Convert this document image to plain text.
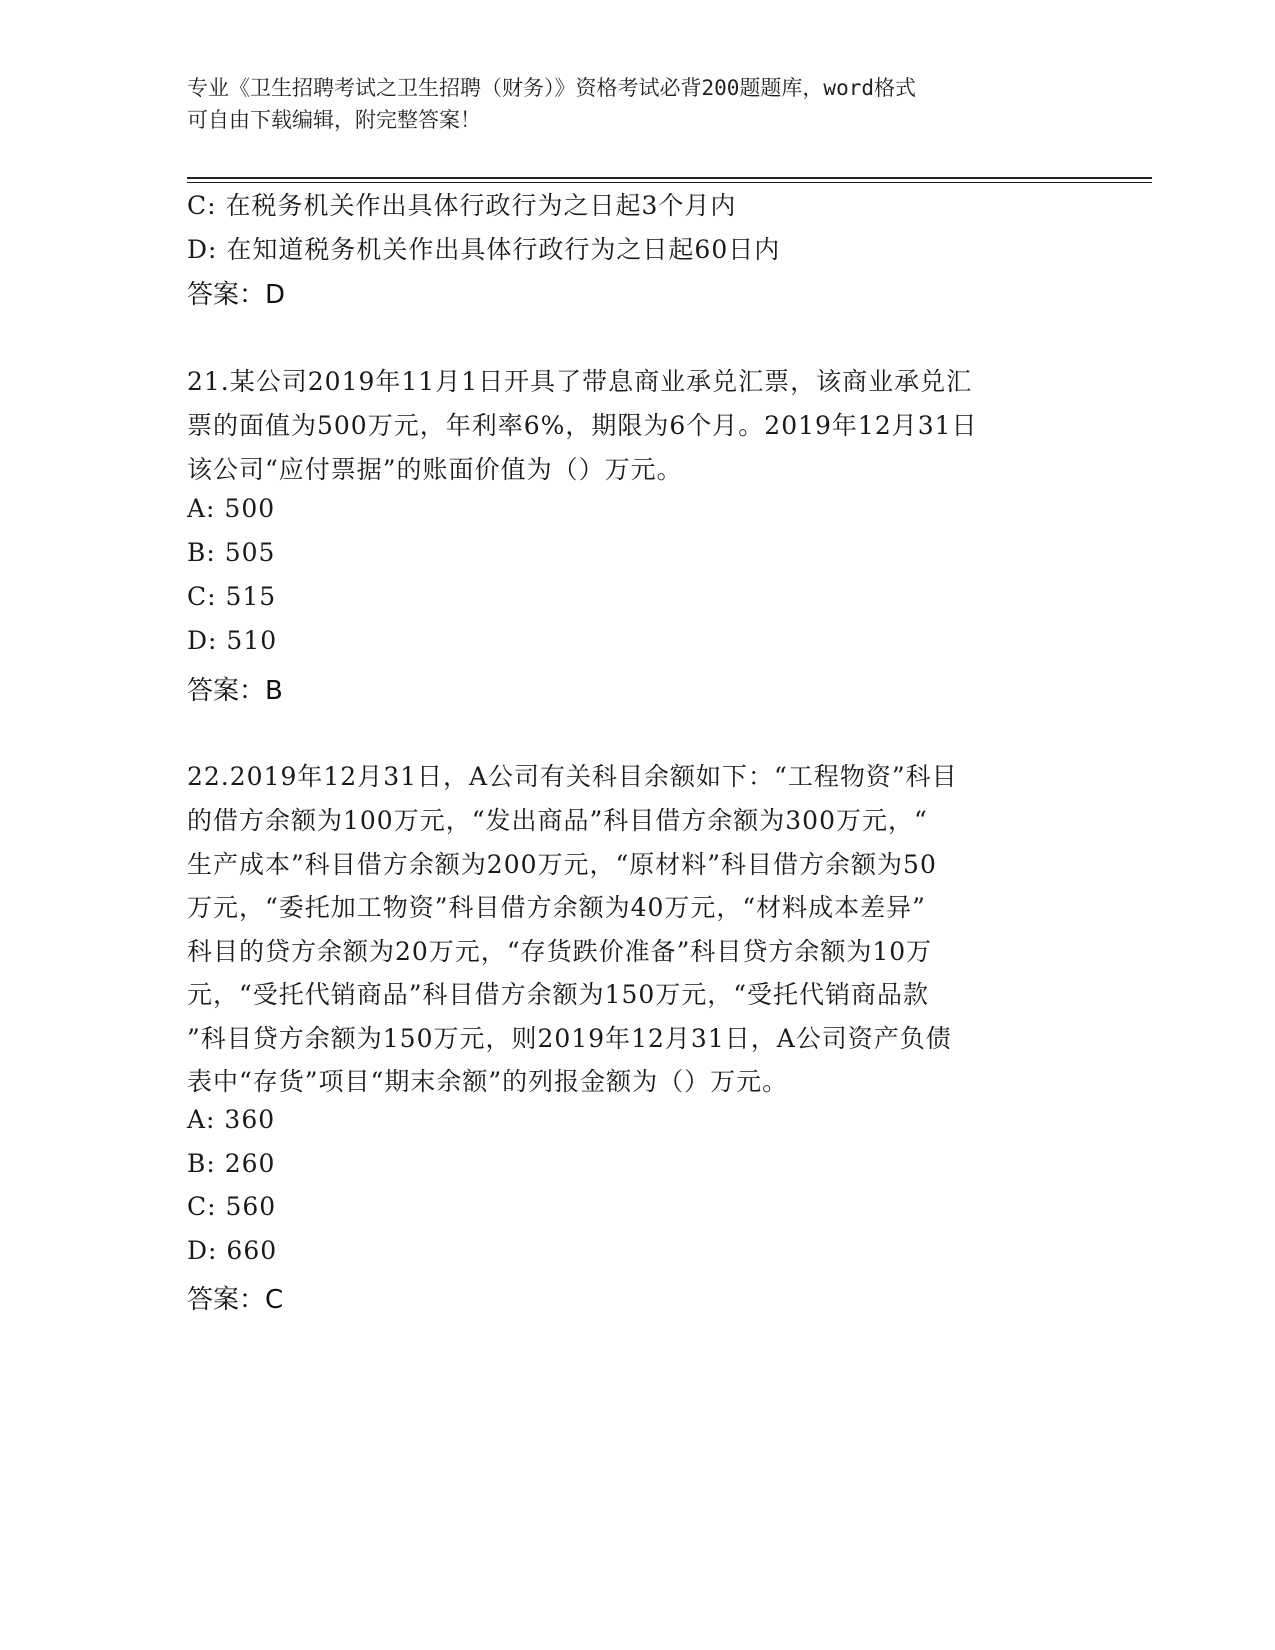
专业《卫生招聘考试之卫生招聘（财务）》资格考试必背200题题库，word格式
可自由下载编辑，附完整答案！
C: 在税务机关作出具体行政行为之日起3个月内
D: 在知道税务机关作出具体行政行为之日起60日内
答案：D
21.某公司2019年11月1日开具了带息商业承兑汇票，该商业承兑汇
票的面值为500万元，年利率6%，期限为6个月。2019年12月31日
该公司“应付票据”的账面价值为（）万元。
A: 500
B: 505
C: 515
D: 510
答案：B
22.2019年12月31日，A公司有关科目余额如下：“工程物资”科目
的借方余额为100万元，“发出商品”科目借方余额为300万元，“
生产成本”科目借方余额为200万元，“原材料”科目借方余额为50
万元，“委托加工物资”科目借方余额为40万元，“材料成本差异”
科目的贷方余额为20万元，“存货跌价准备”科目贷方余额为10万
元，“受托代销商品”科目借方余额为150万元，“受托代销商品款
”科目贷方余额为150万元，则2019年12月31日，A公司资产负债
表中“存货”项目“期末余额”的列报金额为（）万元。
A: 360
B: 260
C: 560
D: 660
答案：C
